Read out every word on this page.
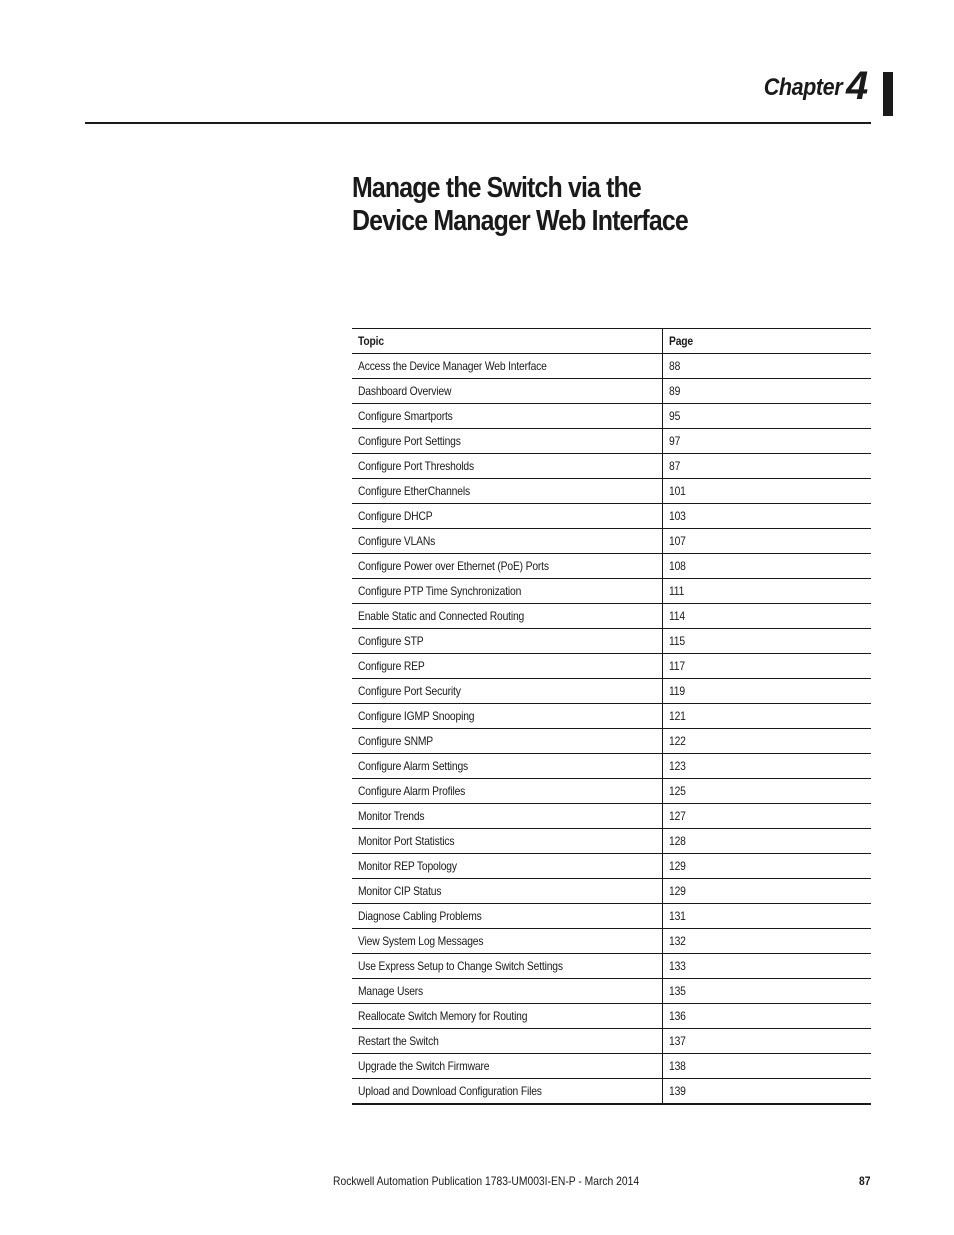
Chapter 4
Manage the Switch via the
Device Manager Web Interface
Topic	Page
Access the Device Manager Web Interface	88
Dashboard Overview	89
Configure Smartports	95
Configure Port Settings	97
Configure Port Thresholds	87
Configure EtherChannels	101
Configure DHCP	103
Configure VLANs	107
Configure Power over Ethernet (PoE) Ports	108
Configure PTP Time Synchronization	111
Enable Static and Connected Routing	114
Configure STP	115
Configure REP	117
Configure Port Security	119
Configure IGMP Snooping	121
Configure SNMP	122
Configure Alarm Settings	123
Configure Alarm Profiles	125
Monitor Trends	127
Monitor Port Statistics	128
Monitor REP Topology	129
Monitor CIP Status	129
Diagnose Cabling Problems	131
View System Log Messages	132
Use Express Setup to Change Switch Settings	133
Manage Users	135
Reallocate Switch Memory for Routing	136
Restart the Switch	137
Upgrade the Switch Firmware	138
Upload and Download Configuration Files	139
Rockwell Automation Publication 1783-UM003I-EN-P - March 2014	87
